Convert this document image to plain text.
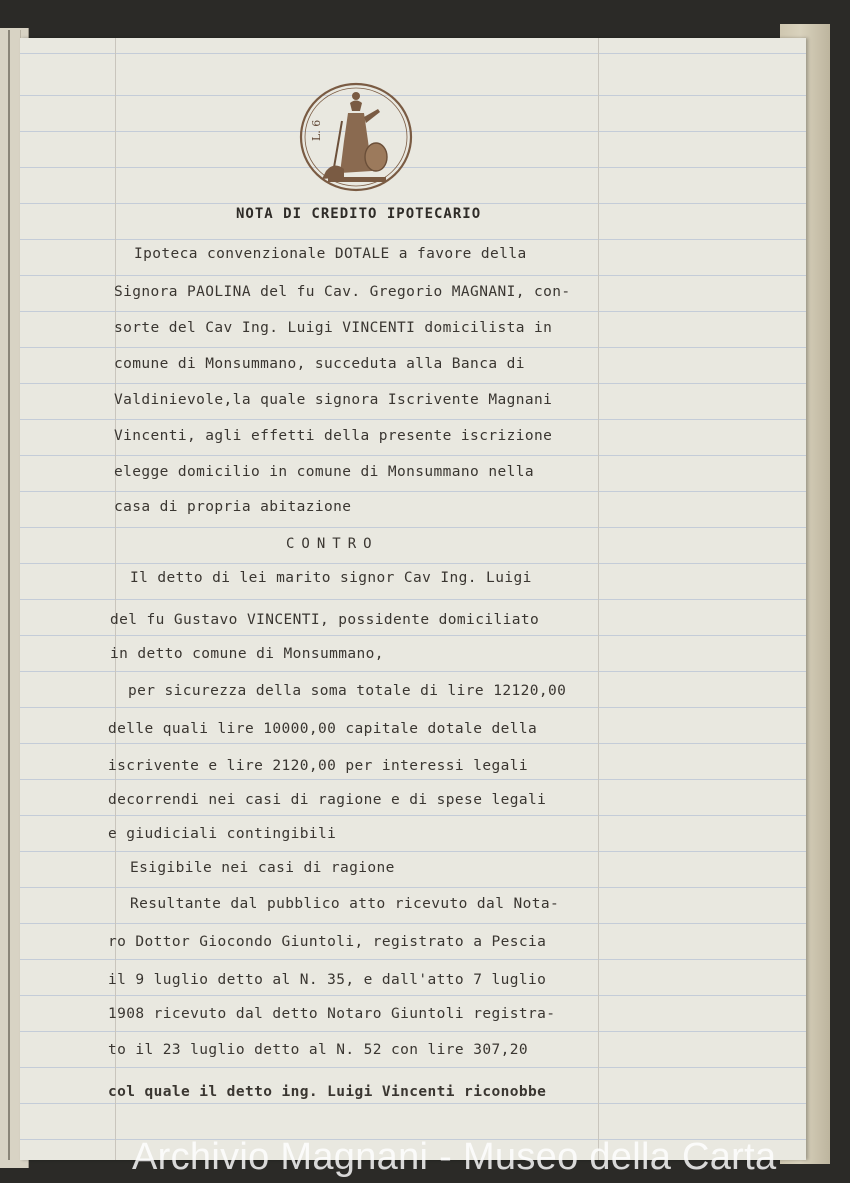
L. 6
NOTA DI CREDITO IPOTECARIO
Ipoteca convenzionale DOTALE a favore della
Signora PAOLINA del fu Cav. Gregorio MAGNANI, con-
sorte del Cav Ing. Luigi VINCENTI domicilista in
comune di Monsummano, succeduta alla Banca di
Valdinievole,la quale signora Iscrivente Magnani
Vincenti, agli effetti della presente iscrizione
elegge domicilio in comune di Monsummano nella
casa di propria abitazione
CONTRO
Il detto di lei marito signor Cav Ing. Luigi
del fu Gustavo VINCENTI, possidente domiciliato
in detto comune di Monsummano,
per sicurezza della soma totale di lire 12120,00
delle quali lire 10000,00 capitale dotale della
iscrivente e lire 2120,00 per interessi legali
decorrendi nei casi di ragione e di spese legali
e giudiciali contingibili
Esigibile nei casi di ragione
Resultante dal pubblico atto ricevuto dal Nota-
ro Dottor Giocondo Giuntoli, registrato a Pescia
il 9 luglio detto al N. 35, e dall'atto 7 luglio
1908 ricevuto dal detto Notaro Giuntoli registra-
to il 23 luglio detto al N. 52 con lire 307,20
col quale il detto ing. Luigi Vincenti riconobbe
Archivio Magnani - Museo della Carta
